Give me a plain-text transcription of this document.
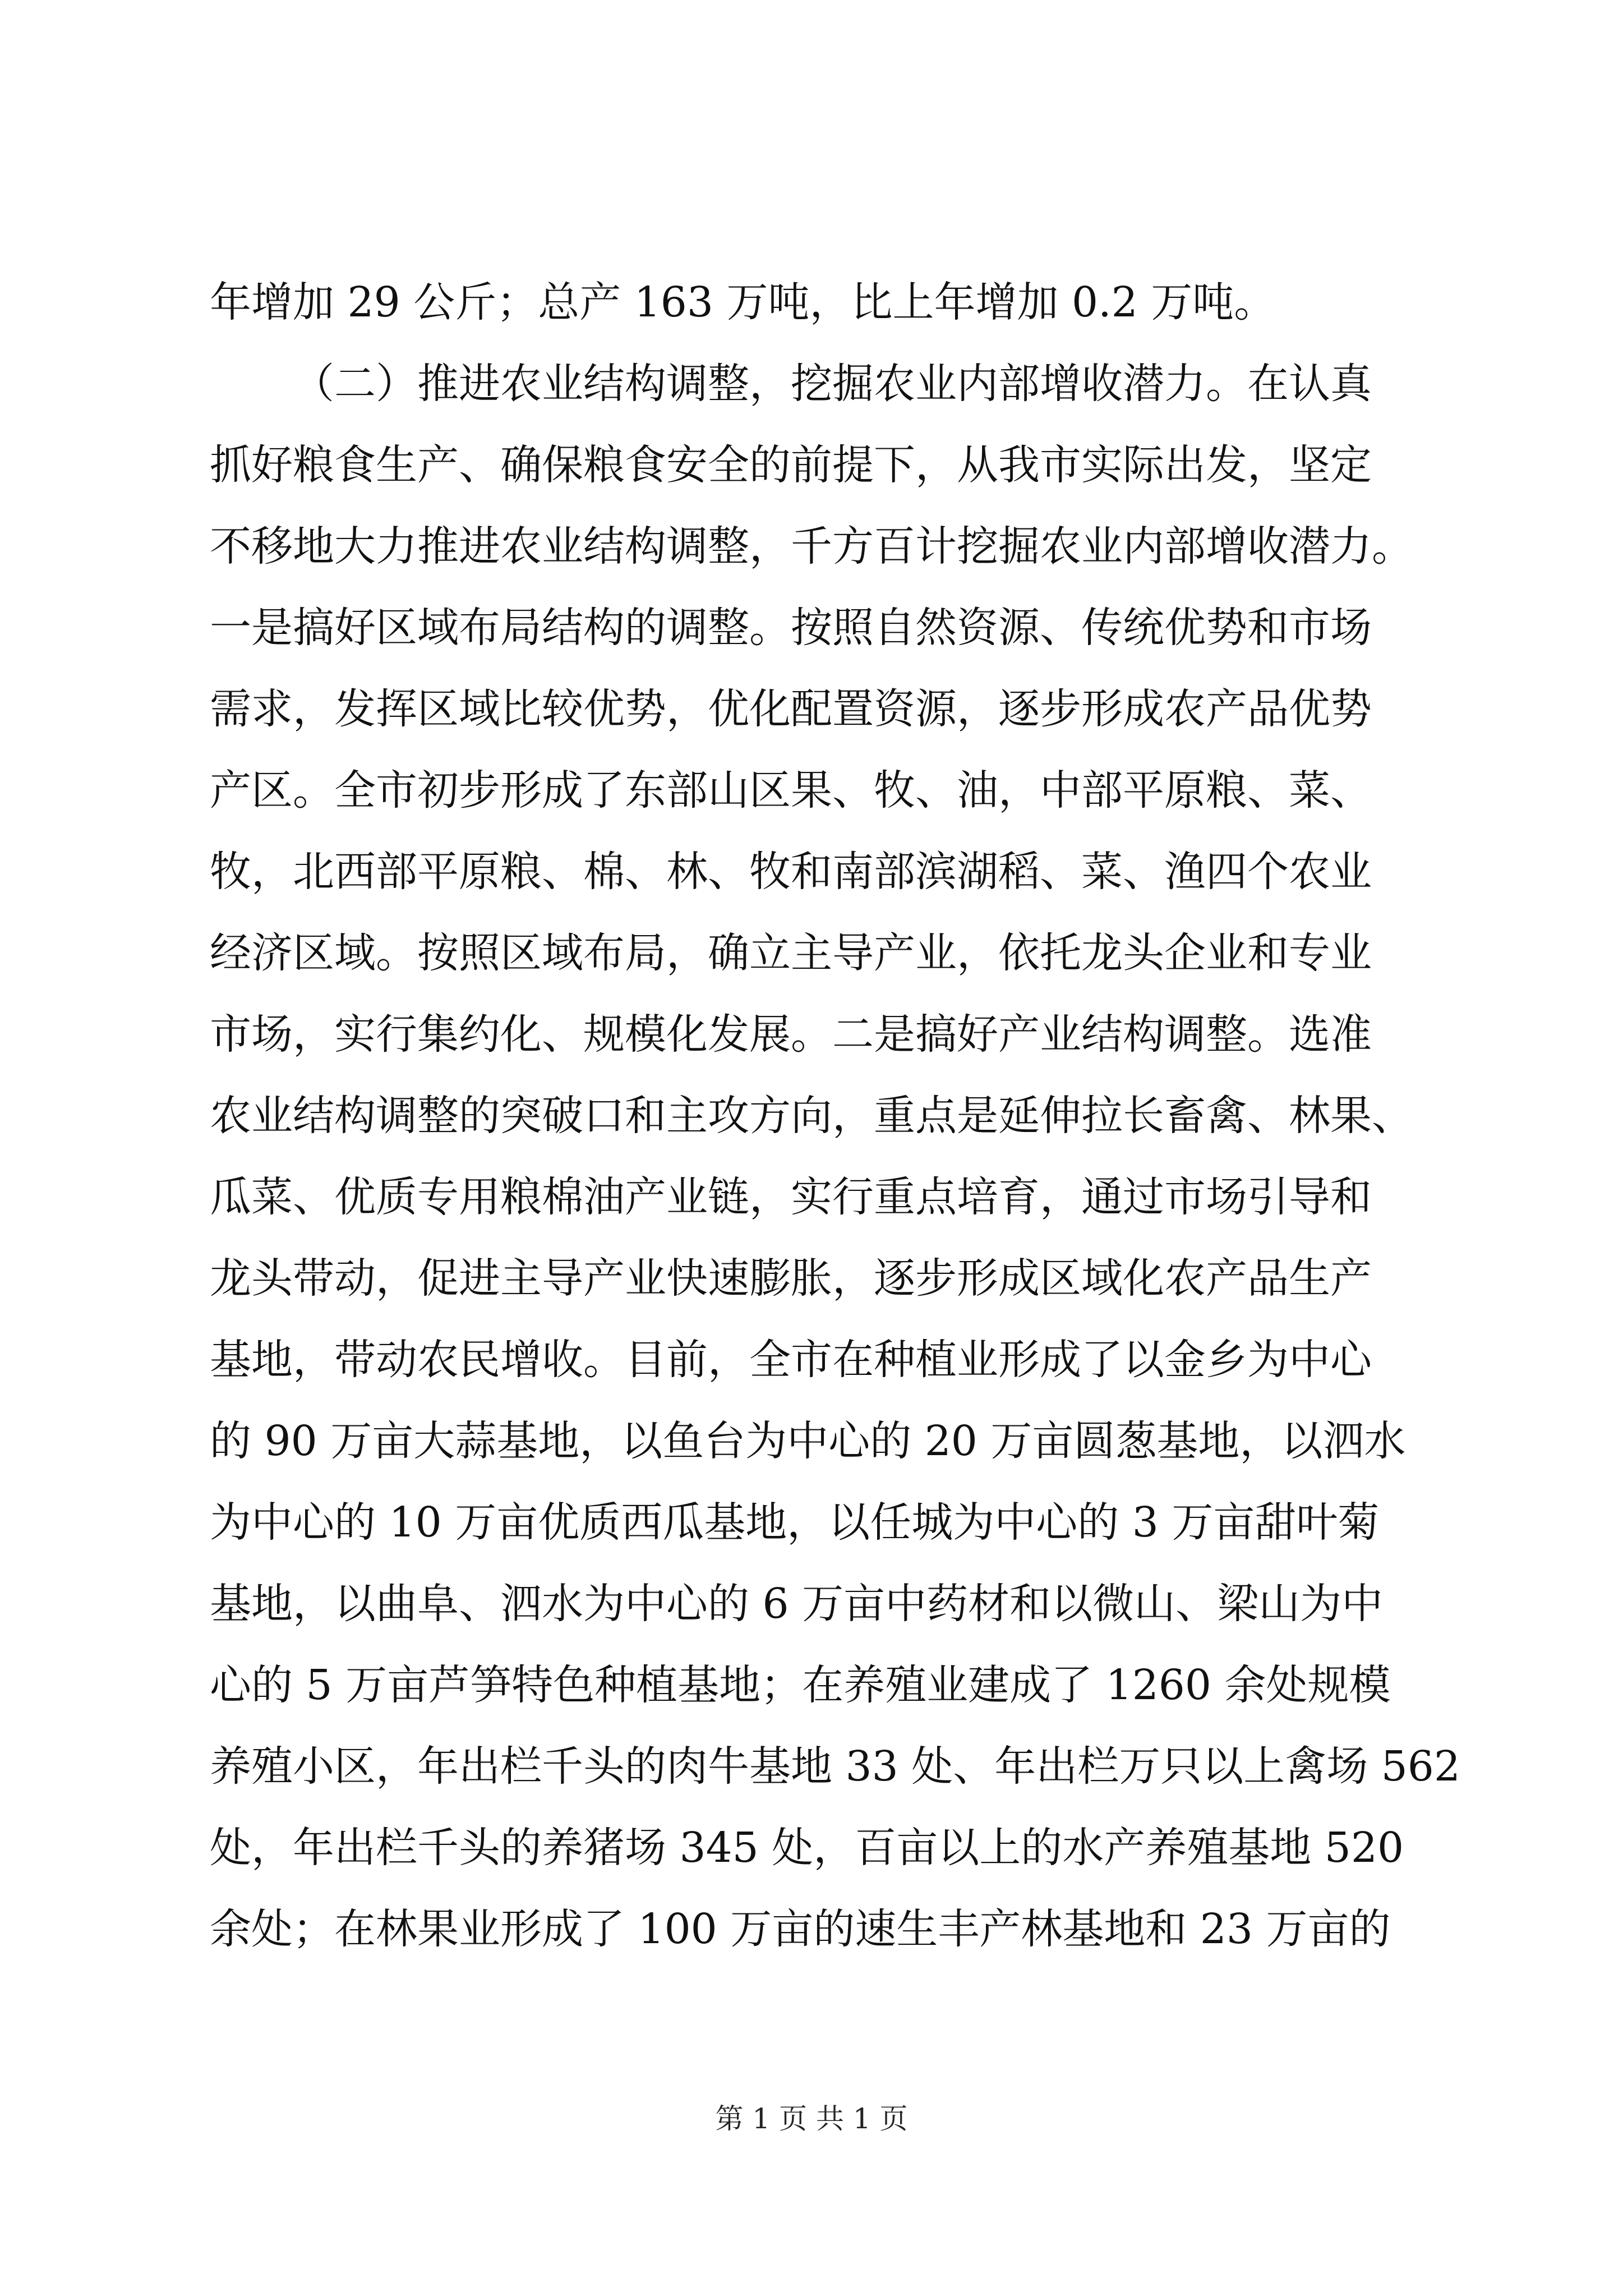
年增加 29 公斤；总产 163 万吨，比上年增加 0.2 万吨。
（二）推进农业结构调整，挖掘农业内部增收潜力。在认真
抓好粮食生产、确保粮食安全的前提下，从我市实际出发，坚定
不移地大力推进农业结构调整，千方百计挖掘农业内部增收潜力。
一是搞好区域布局结构的调整。按照自然资源、传统优势和市场
需求，发挥区域比较优势，优化配置资源，逐步形成农产品优势
产区。全市初步形成了东部山区果、牧、油，中部平原粮、菜、
牧，北西部平原粮、棉、林、牧和南部滨湖稻、菜、渔四个农业
经济区域。按照区域布局，确立主导产业，依托龙头企业和专业
市场，实行集约化、规模化发展。二是搞好产业结构调整。选准
农业结构调整的突破口和主攻方向，重点是延伸拉长畜禽、林果、
瓜菜、优质专用粮棉油产业链，实行重点培育，通过市场引导和
龙头带动，促进主导产业快速膨胀，逐步形成区域化农产品生产
基地，带动农民增收。目前，全市在种植业形成了以金乡为中心
的 90 万亩大蒜基地，以鱼台为中心的 20 万亩圆葱基地，以泗水
为中心的 10 万亩优质西瓜基地，以任城为中心的 3 万亩甜叶菊
基地，以曲阜、泗水为中心的 6 万亩中药材和以微山、梁山为中
心的 5 万亩芦笋特色种植基地；在养殖业建成了 1260 余处规模
养殖小区，年出栏千头的肉牛基地 33 处、年出栏万只以上禽场 562
处，年出栏千头的养猪场 345 处，百亩以上的水产养殖基地 520
余处；在林果业形成了 100 万亩的速生丰产林基地和 23 万亩的
第 1 页 共 1 页
